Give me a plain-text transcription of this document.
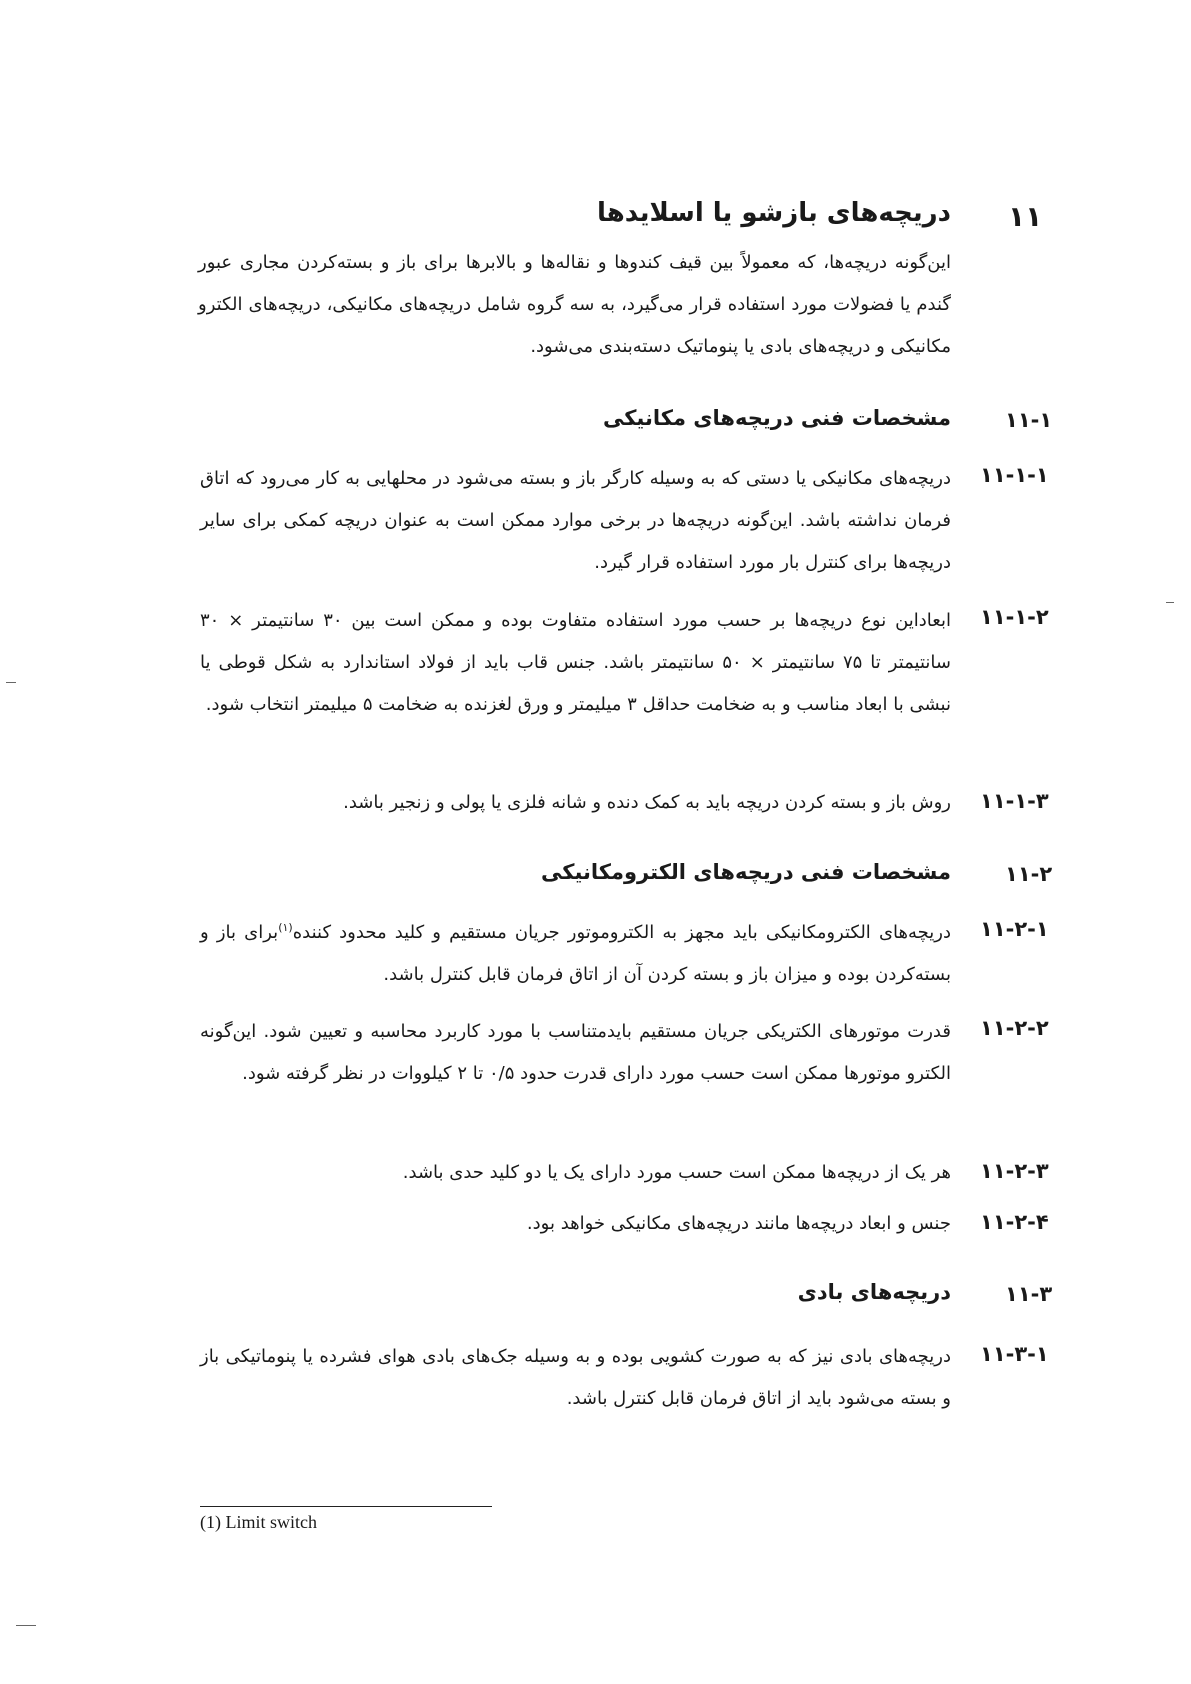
۱۱
دریچه‌های بازشو یا اسلایدها
این‌گونه دریچه‌ها، که معمولاً بین قیف کندوها و نقاله‌ها و بالابرها برای باز و بسته‌کردن مجاری عبور گندم یا فضولات مورد استفاده قرار می‌گیرد، به سه گروه شامل دریچه‌های مکانیکی، دریچه‌های الکترو مکانیکی و دریچه‌های بادی یا پنوماتیک دسته‌بندی می‌شود.
۱۱-۱
مشخصات فنی دریچه‌های مکانیکی
۱۱-۱-۱
دریچه‌های مکانیکی یا دستی که به وسیله کارگر باز و بسته می‌شود در محلهایی به کار می‌رود که اتاق فرمان نداشته باشد. این‌گونه دریچه‌ها در برخی موارد ممکن است به عنوان دریچه کمکی برای سایر دریچه‌ها برای کنترل بار مورد استفاده قرار گیرد.
۱۱-۱-۲
ابعاداین نوع دریچه‌ها بر حسب مورد استفاده متفاوت بوده و ممکن است بین ۳۰ سانتیمتر × ۳۰ سانتیمتر تا ۷۵ سانتیمتر × ۵۰ سانتیمتر باشد. جنس قاب باید از فولاد استاندارد به شکل قوطی یا نبشی با ابعاد مناسب و به ضخامت حداقل ۳ میلیمتر و ورق لغزنده به ضخامت ۵ میلیمتر انتخاب شود.
۱۱-۱-۳
روش باز و بسته کردن دریچه باید به کمک دنده و شانه فلزی یا پولی و زنجیر باشد.
۱۱-۲
مشخصات فنی دریچه‌های الکترومکانیکی
۱۱-۲-۱
دریچه‌های الکترومکانیکی باید مجهز به الکتروموتور جریان مستقیم و کلید محدود کننده$^{(۱)}$برای باز و بسته‌کردن بوده و میزان باز و بسته کردن آن از اتاق فرمان قابل کنترل باشد.
۱۱-۲-۲
قدرت موتورهای الکتریکی جریان مستقیم بایدمتناسب با مورد کاربرد محاسبه و تعیین شود. این‌گونه الکترو موتورها ممکن است حسب مورد دارای قدرت حدود ۰/۵ تا ۲ کیلووات در نظر گرفته شود.
۱۱-۲-۳
هر یک از دریچه‌ها ممکن است حسب مورد دارای یک یا دو کلید حدی باشد.
۱۱-۲-۴
جنس و ابعاد دریچه‌ها مانند دریچه‌های مکانیکی خواهد بود.
۱۱-۳
دریچه‌های بادی
۱۱-۳-۱
دریچه‌های بادی نیز که به صورت کشویی بوده و به وسیله جک‌های بادی هوای فشرده یا پنوماتیکی باز و بسته می‌شود باید از اتاق فرمان قابل کنترل باشد.
(1) Limit switch
